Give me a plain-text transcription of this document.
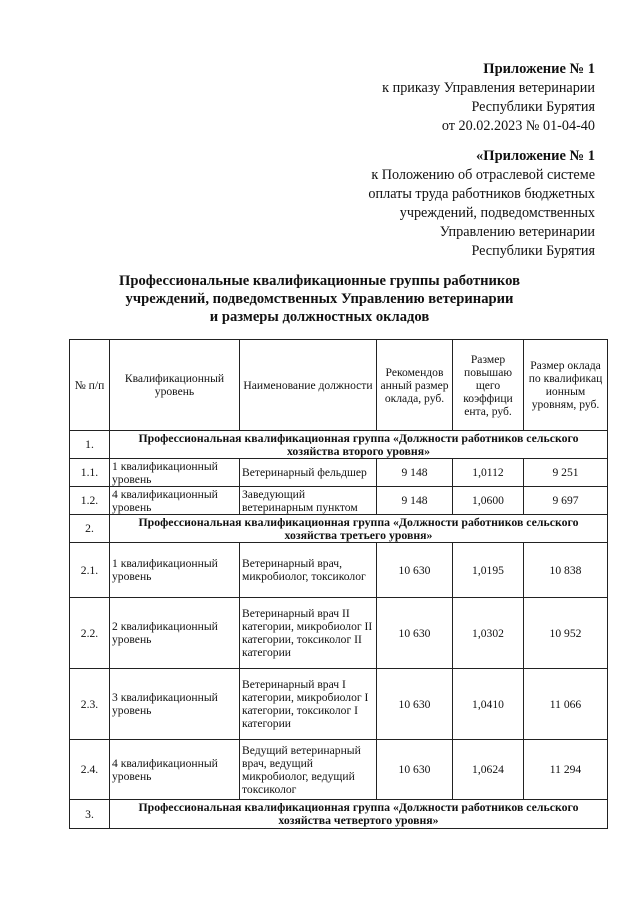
Приложение № 1
к приказу Управления ветеринарии
Республики Бурятия
от 20.02.2023 № 01-04-40
«Приложение № 1
к Положению об отраслевой системе
оплаты труда работников бюджетных
учреждений, подведомственных
Управлению ветеринарии
Республики Бурятия
Профессиональные квалификационные группы работников
учреждений, подведомственных Управлению ветеринарии
и размеры должностных окладов
№ п/п	Квалификационный уровень	Наименование должности	Рекомендов анный размер оклада, руб.	Размер повышаю щего коэффици ента, руб.	Размер оклада по квалификац ионным уровням, руб.
1.	Профессиональная квалификационная группа «Должности работников сельского хозяйства второго уровня»				
1.1.	1 квалификационный уровень	Ветеринарный фельдшер	9 148	1,0112	9 251
1.2.	4 квалификационный уровень	Заведующий ветеринарным пунктом	9 148	1,0600	9 697
2.	Профессиональная квалификационная группа «Должности работников сельского хозяйства третьего уровня»				
2.1.	1 квалификационный уровень	Ветеринарный врач, микробиолог, токсиколог	10 630	1,0195	10 838
2.2.	2 квалификационный уровень	Ветеринарный врач II категории, микробиолог II категории, токсиколог II категории	10 630	1,0302	10 952
2.3.	3 квалификационный уровень	Ветеринарный врач I категории, микробиолог I категории, токсиколог I категории	10 630	1,0410	11 066
2.4.	4 квалификационный уровень	Ведущий ветеринарный врач, ведущий микробиолог, ведущий токсиколог	10 630	1,0624	11 294
3.	Профессиональная квалификационная группа «Должности работников сельского хозяйства четвертого уровня»				
